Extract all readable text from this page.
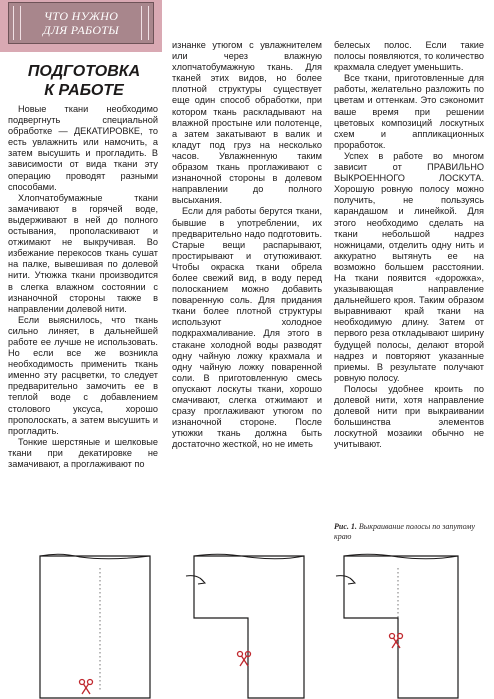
ЧТО НУЖНО
ДЛЯ РАБОТЫ
ПОДГОТОВКА
К РАБОТЕ

Новые ткани необходимо подвергнуть специальной обработке — ДЕКАТИРОВКЕ, то есть увлажнить или намочить, а затем высушить и прогладить. В зависимости от вида ткани эту операцию проводят разными способами.

Хлопчатобумажные ткани замачивают в горячей воде, выдерживают в ней до полного остывания, прополаскивают и отжимают не выкручивая. Во избежание перекосов ткань сушат на палке, вывешивая по долевой нити. Утюжка ткани производится в слегка влажном состоянии с изнаночной стороны также в направлении долевой нити.

Если выяснилось, что ткань сильно линяет, в дальнейшей работе ее лучше не использовать. Но если все же возникла необходимость применить ткань именно эту расцветки, то следует предварительно замочить ее в теплой воде с добавлением столового уксуса, хорошо прополоскать, а затем высушить и прогладить.

Тонкие шерстяные и шелковые ткани при декатировке не замачивают, а проглаживают по

изнанке утюгом с увлажнителем или через влажную хлопчатобумажную ткань. Для тканей этих видов, но более плотной структуры существует еще один способ обработки, при котором ткань раскладывают на влажной простыне или полотенце, а затем закатывают в валик и кладут под груз на несколько часов. Увлажненную таким образом ткань проглаживают с изнаночной стороны в долевом направлении до полного высыхания.

Если для работы берутся ткани, бывшие в употреблении, их предварительно надо подготовить. Старые вещи распарывают, простирывают и отутюживают. Чтобы окраска ткани обрела более свежий вид, в воду перед полосканием можно добавить поваренную соль. Для придания ткани более плотной структуры используют холодное подкрахмаливание. Для этого в стакане холодной воды разводят одну чайную ложку крахмала и одну чайную ложку поваренной соли. В приготовленную смесь опускают лоскуты ткани, хорошо смачивают, слегка отжимают и сразу проглаживают утюгом по изнаночной стороне. После утюжки ткань должна быть достаточно жесткой, но не иметь

белесых полос. Если такие полосы появляются, то количество крахмала следует уменьшить.

Все ткани, приготовленные для работы, желательно разложить по цветам и оттенкам. Это сэкономит ваше время при решении цветовых композиций лоскутных схем и аппликационных проработок.

Успех в работе во многом зависит от ПРАВИЛЬНО ВЫКРОЕННОГО ЛОСКУТА. Хорошую ровную полосу можно получить, не пользуясь карандашом и линейкой. Для этого необходимо сделать на ткани небольшой надрез ножницами, отделить одну нить и аккуратно вытянуть ее на возможно большем расстоянии. На ткани появится «дорожка», указывающая направление дальнейшего кроя. Таким образом выравнивают край ткани на необходимую длину. Затем от первого реза откладывают ширину будущей полосы, делают второй надрез и повторяют указанные приемы. В результате получают ровную полосу.

Полосы удобнее кроить по долевой нити, хотя направление долевой нити при выкраивании большинства элементов лоскутной мозаики обычно не учитывают.

Рис. 1. Выкраивание полосы по запутому краю
